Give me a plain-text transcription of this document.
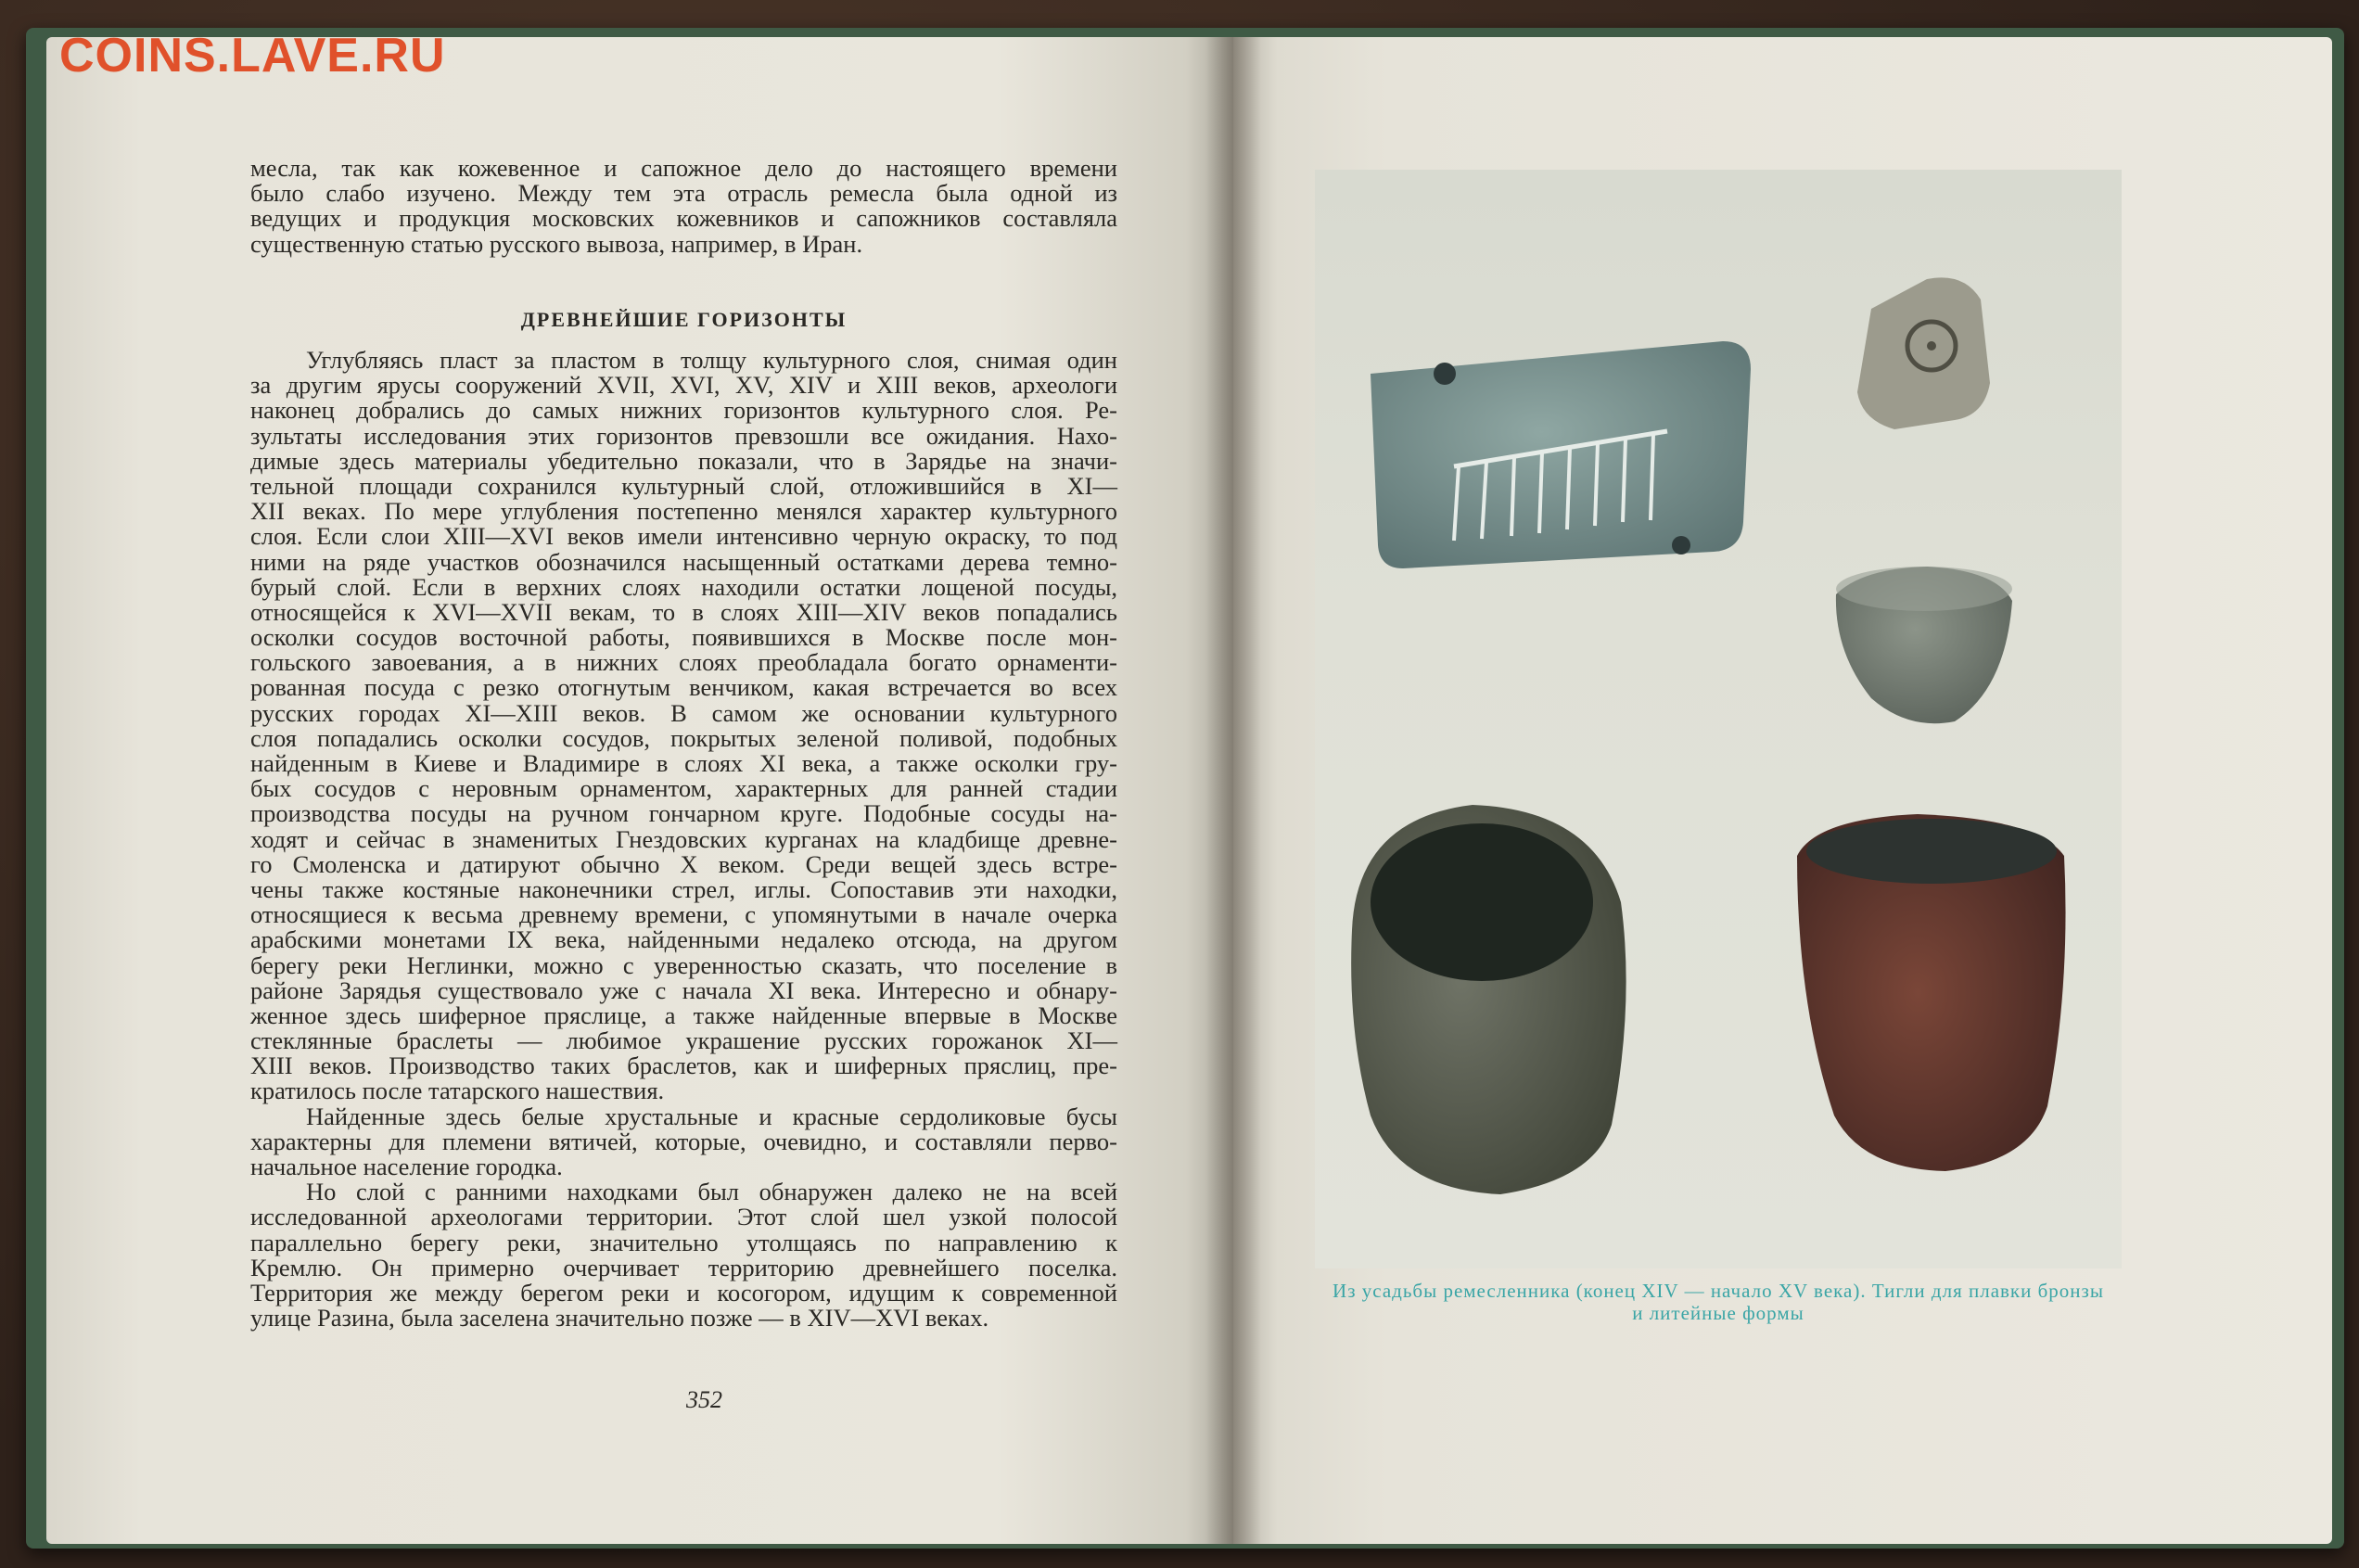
COINS.LAVE.RU
месла, так как кожевенное и сапожное дело до настоящего времени
было слабо изучено. Между тем эта отрасль ремесла была одной из
ведущих и продукция московских кожевников и сапожников составляла
существенную статью русского вывоза, например, в Иран.
ДРЕВНЕЙШИЕ ГОРИЗОНТЫ
Углубляясь пласт за пластом в толщу культурного слоя, снимая один
за другим ярусы сооружений XVII, XVI, XV, XIV и XIII веков, археологи
наконец добрались до самых нижних горизонтов культурного слоя. Ре-
зультаты исследования этих горизонтов превзошли все ожидания. Нахо-
димые здесь материалы убедительно показали, что в Зарядье на значи-
тельной площади сохранился культурный слой, отложившийся в XI—
XII веках. По мере углубления постепенно менялся характер культурного
слоя. Если слои XIII—XVI веков имели интенсивно черную окраску, то под
ними на ряде участков обозначился насыщенный остатками дерева темно-
бурый слой. Если в верхних слоях находили остатки лощеной посуды,
относящейся к XVI—XVII векам, то в слоях XIII—XIV веков попадались
осколки сосудов восточной работы, появившихся в Москве после мон-
гольского завоевания, а в нижних слоях преобладала богато орнаменти-
рованная посуда с резко отогнутым венчиком, какая встречается во всех
русских городах XI—XIII веков. В самом же основании культурного
слоя попадались осколки сосудов, покрытых зеленой поливой, подобных
найденным в Киеве и Владимире в слоях XI века, а также осколки гру-
бых сосудов с неровным орнаментом, характерных для ранней стадии
производства посуды на ручном гончарном круге. Подобные сосуды на-
ходят и сейчас в знаменитых Гнездовских курганах на кладбище древне-
го Смоленска и датируют обычно X веком. Среди вещей здесь встре-
чены также костяные наконечники стрел, иглы. Сопоставив эти находки,
относящиеся к весьма древнему времени, с упомянутыми в начале очерка
арабскими монетами IX века, найденными недалеко отсюда, на другом
берегу реки Неглинки, можно с уверенностью сказать, что поселение в
районе Зарядья существовало уже с начала XI века. Интересно и обнару-
женное здесь шиферное пряслице, а также найденные впервые в Москве
стеклянные браслеты — любимое украшение русских горожанок XI—
XIII веков. Производство таких браслетов, как и шиферных пряслиц, пре-
кратилось после татарского нашествия.
Найденные здесь белые хрустальные и красные сердоликовые бусы
характерны для племени вятичей, которые, очевидно, и составляли перво-
начальное население городка.
Но слой с ранними находками был обнаружен далеко не на всей
исследованной археологами территории. Этот слой шел узкой полосой
параллельно берегу реки, значительно утолщаясь по направлению к
Кремлю. Он примерно очерчивает территорию древнейшего поселка.
Территория же между берегом реки и косогором, идущим к современной
улице Разина, была заселена значительно позже — в XIV—XVI веках.
352
Из усадьбы ремесленника (конец XIV — начало XV века). Тигли для плавки бронзы
и литейные формы
